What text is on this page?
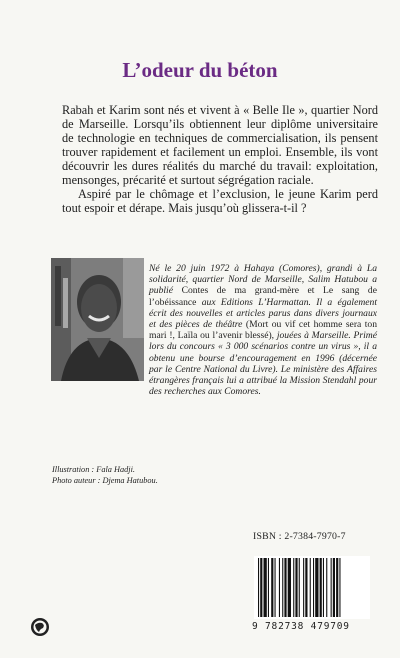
L’odeur du béton

Rabah et Karim sont nés et vivent à « Belle Ile », quartier Nord de Marseille. Lorsqu’ils obtiennent leur diplôme universitaire de technologie en techniques de commercialisation, ils pensent trouver rapidement et facilement un emploi. Ensemble, ils vont découvrir les dures réalités du marché du travail: exploitation, mensonges, précarité et surtout ségrégation raciale.

Aspiré par le chômage et l’exclusion, le jeune Karim perd tout espoir et dérape. Mais jusqu’où glissera-t-il ?

Né le 20 juin 1972 à Hahaya (Comores), grandi à La solidarité, quartier Nord de Marseille, Salim Hatubou a publié Contes de ma grand-mère et Le sang de l’obéissance aux Editions L’Harmattan. Il a également écrit des nouvelles et articles parus dans divers journaux et des pièces de théâtre (Mort ou vif cet homme sera ton mari !, Laïla ou l’avenir blessé), jouées à Marseille. Primé lors du concours « 3 000 scénarios contre un virus », il a obtenu une bourse d’encouragement en 1996 (décernée par le Centre National du Livre). Le ministère des Affaires étrangères français lui a attribué la Mission Stendahl pour des recherches aux Comores.

Illustration : Fala Hadji.
Photo auteur : Djema Hatubou.
ISBN : 2-7384-7970-7
9 782738 479709
